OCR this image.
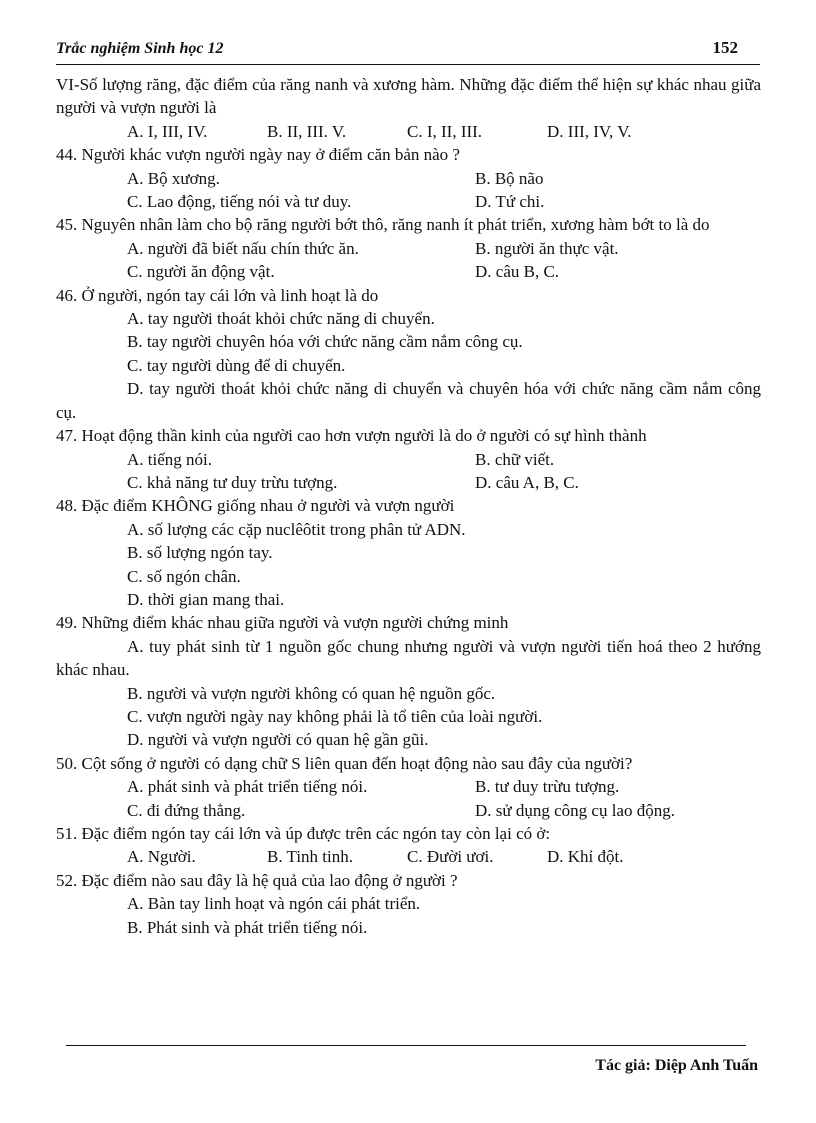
Trắc nghiệm Sinh học 12	152

VI-Số lượng răng, đặc điểm của răng nanh và xương hàm. Những đặc điểm thể hiện sự khác nhau giữa người và vượn người là

A. I, III, IV.	B. II, III. V.	C. I, II, III.	D. III, IV, V.

44. Người khác vượn người ngày nay ở điểm căn bản nào ?

A. Bộ xương.	B. Bộ não
C. Lao động, tiếng nói và tư duy.	D. Tứ chi.

45. Nguyên nhân làm cho bộ răng người bớt thô, răng nanh ít phát triển, xương hàm bớt to là do

A. người đã biết nấu chín thức ăn.	B. người ăn thực vật.
C. người ăn động vật.	D. câu B, C.

46. Ở người, ngón tay cái lớn và linh hoạt là do

A. tay người thoát khỏi chức năng di chuyển.

B. tay người chuyên hóa với chức năng cầm nắm công cụ.

C. tay người dùng để di chuyển.

D. tay người thoát khỏi chức năng di chuyển và chuyên hóa với chức năng cầm nắm công cụ.

47. Hoạt động thần kinh của người cao hơn vượn người là do ở người có sự hình thành

A. tiếng nói.	B. chữ viết.
C. khả năng tư duy trừu tượng.	D. câu A, B, C.

48. Đặc điểm KHÔNG giống nhau ở người và vượn người

A. số lượng các cặp nuclêôtit trong phân tử ADN.

B. số lượng ngón tay.

C. số ngón chân.

D. thời gian mang thai.

49. Những điểm khác nhau giữa người và vượn người chứng minh

A. tuy phát sinh từ 1 nguồn gốc chung nhưng người và vượn người tiến hoá theo 2 hướng khác nhau.

B. người và vượn người không có quan hệ nguồn gốc.

C. vượn người ngày nay không phải là tổ tiên của loài người.

D. người và vượn người có quan hệ gần gũi.

50. Cột sống ở người có dạng chữ S liên quan đến hoạt động nào sau đây của người?

A. phát sinh và phát triển tiếng nói.	B. tư duy trừu tượng.
C. đi đứng thẳng.	D. sử dụng công cụ lao động.

51. Đặc điểm ngón tay cái lớn và úp được trên các ngón tay còn lại có ở:

A. Người.	B. Tinh tinh.	C. Đười ươi.	D. Khỉ đột.

52. Đặc điểm nào sau đây là hệ quả của lao động ở người ?

A. Bàn tay linh hoạt và ngón cái phát triển.

B. Phát sinh và phát triển tiếng nói.

Tác giả: Diệp Anh Tuấn
